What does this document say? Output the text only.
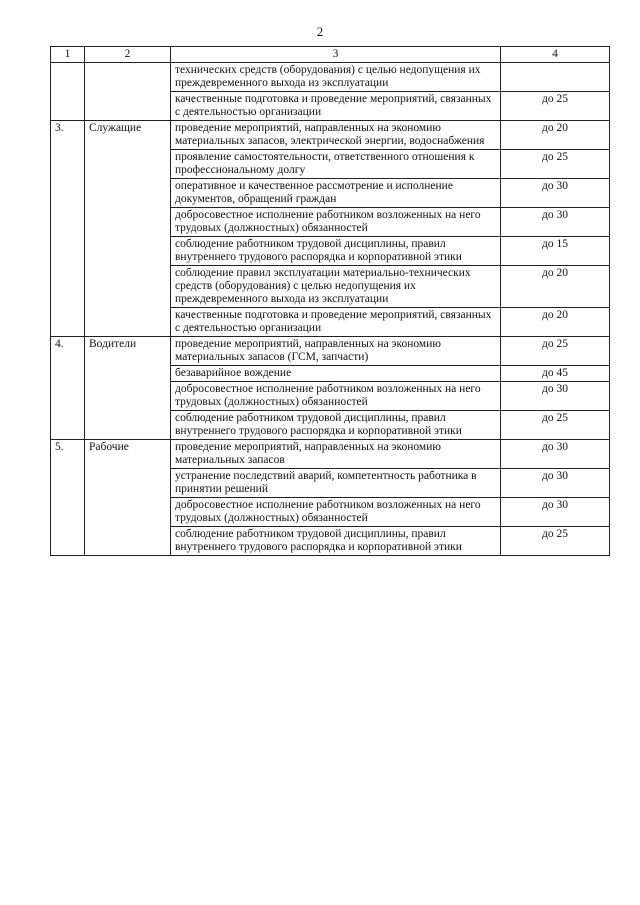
2
1	2	3	4
		технических средств (оборудования) с целью недопущения их преждевременного выхода из эксплуатации	
		качественные подготовка и проведение мероприятий, связанных с деятельностью организации	до 25
3.	Служащие	проведение мероприятий, направленных на экономию материальных запасов, электрической энергии, водоснабжения	до 20
		проявление самостоятельности, ответственного отношения к профессиональному долгу	до 25
		оперативное и качественное рассмотрение и исполнение документов, обращений граждан	до 30
		добросовестное исполнение работником возложенных на него трудовых (должностных) обязанностей	до 30
		соблюдение работником трудовой дисциплины, правил внутреннего трудового распорядка и корпоративной этики	до 15
		соблюдение правил эксплуатации материально-технических средств (оборудования) с целью недопущения их преждевременного выхода из эксплуатации	до 20
		качественные подготовка и проведение мероприятий, связанных с деятельностью организации	до 20
4.	Водители	проведение мероприятий, направленных на экономию материальных запасов (ГСМ, запчасти)	до 25
		безаварийное вождение	до 45
		добросовестное исполнение работником возложенных на него трудовых (должностных) обязанностей	до 30
		соблюдение работником трудовой дисциплины, правил внутреннего трудового распорядка и корпоративной этики	до 25
5.	Рабочие	проведение мероприятий, направленных на экономию материальных запасов	до 30
		устранение последствий аварий, компетентность работника в принятии решений	до 30
		добросовестное исполнение работником возложенных на него трудовых (должностных) обязанностей	до 30
		соблюдение работником трудовой дисциплины, правил внутреннего трудового распорядка и корпоративной этики	до 25
